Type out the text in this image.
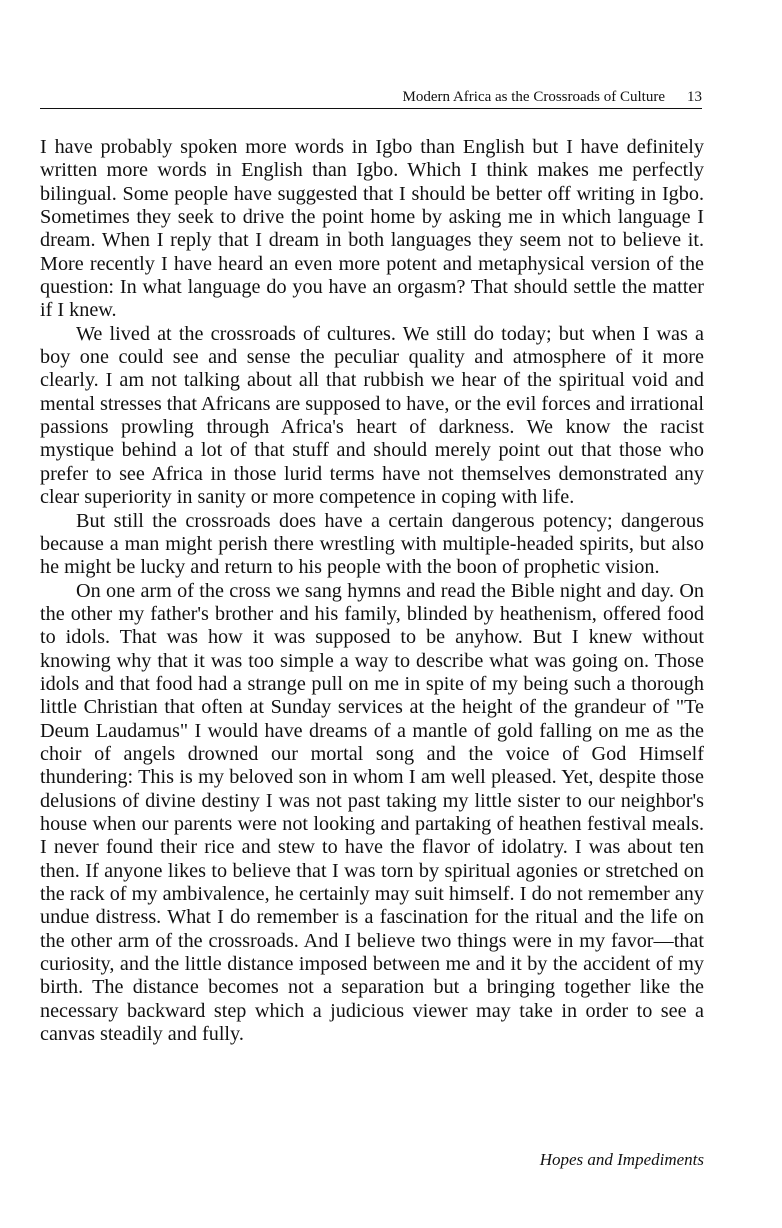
Modern Africa as the Crossroads of Culture 13

I have probably spoken more words in Igbo than English but I have definitely written more words in English than Igbo. Which I think makes me perfectly bilingual. Some people have suggested that I should be better off writing in Igbo. Sometimes they seek to drive the point home by asking me in which language I dream. When I reply that I dream in both languages they seem not to believe it. More recently I have heard an even more potent and metaphysical version of the question: In what language do you have an orgasm? That should settle the matter if I knew.

We lived at the crossroads of cultures. We still do today; but when I was a boy one could see and sense the peculiar quality and atmosphere of it more clearly. I am not talking about all that rubbish we hear of the spiritual void and mental stresses that Africans are supposed to have, or the evil forces and irrational passions prowling through Africa's heart of darkness. We know the racist mystique behind a lot of that stuff and should merely point out that those who prefer to see Africa in those lurid terms have not themselves demonstrated any clear superiority in sanity or more competence in coping with life.

But still the crossroads does have a certain dangerous potency; dangerous because a man might perish there wrestling with multiple-headed spirits, but also he might be lucky and return to his people with the boon of prophetic vision.

On one arm of the cross we sang hymns and read the Bible night and day. On the other my father's brother and his family, blinded by heathenism, offered food to idols. That was how it was supposed to be anyhow. But I knew without knowing why that it was too simple a way to describe what was going on. Those idols and that food had a strange pull on me in spite of my being such a thorough little Christian that often at Sunday services at the height of the grandeur of "Te Deum Laudamus" I would have dreams of a mantle of gold falling on me as the choir of angels drowned our mortal song and the voice of God Himself thundering: This is my beloved son in whom I am well pleased. Yet, despite those delusions of divine destiny I was not past taking my little sister to our neighbor's house when our parents were not looking and partaking of heathen festival meals. I never found their rice and stew to have the flavor of idolatry. I was about ten then. If anyone likes to believe that I was torn by spiritual agonies or stretched on the rack of my ambivalence, he certainly may suit himself. I do not remember any undue distress. What I do remember is a fascination for the ritual and the life on the other arm of the crossroads. And I believe two things were in my favor—that curiosity, and the little distance imposed between me and it by the accident of my birth. The distance becomes not a separation but a bringing together like the necessary backward step which a judicious viewer may take in order to see a canvas steadily and fully.

Hopes and Impediments
